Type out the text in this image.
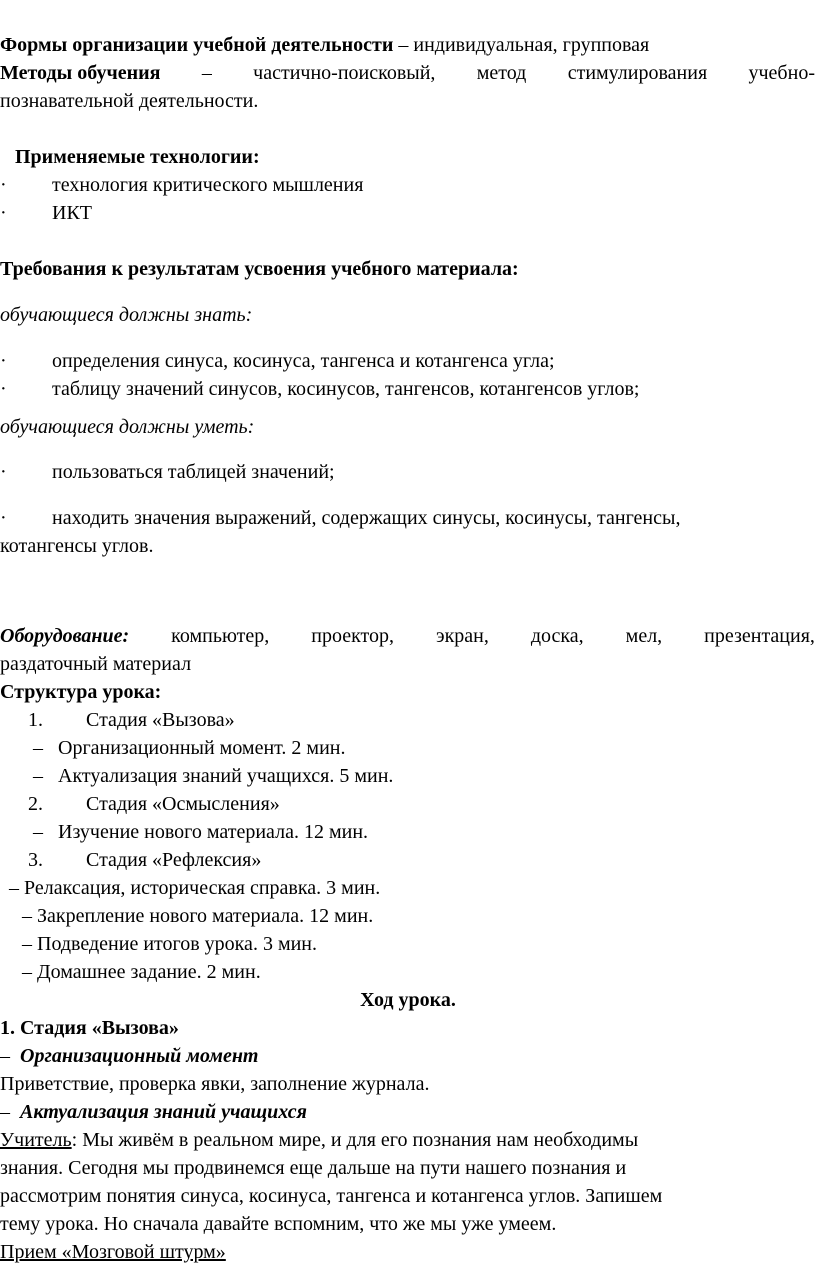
Формы организации учебной деятельности – индивидуальная, групповая
Методы обучения – частично-поисковый, метод стимулирования учебно-
познавательной деятельности.
Применяемые технологии:
· технология критического мышления
· ИКТ
Требования к результатам усвоения учебного материала:
обучающиеся должны знать:
· определения синуса, косинуса, тангенса и котангенса угла;
· таблицу значений синусов, косинусов, тангенсов, котангенсов углов;
обучающиеся должны уметь:
· пользоваться таблицей значений;
· находить значения выражений, содержащих синусы, косинусы, тангенсы,
котангенсы углов.
Оборудование: компьютер, проектор, экран, доска, мел, презентация,
раздаточный материал
Структура урока:
1. Стадия «Вызова»
– Организационный момент. 2 мин.
– Актуализация знаний учащихся. 5 мин.
2. Стадия «Осмысления»
– Изучение нового материала. 12 мин.
3. Стадия «Рефлексия»
– Релаксация, историческая справка. 3 мин.
– Закрепление нового материала. 12 мин.
– Подведение итогов урока. 3 мин.
– Домашнее задание. 2 мин.
Ход урока.
1. Стадия «Вызова»
– Организационный момент
Приветствие, проверка явки, заполнение журнала.
– Актуализация знаний учащихся
Учитель: Мы живём в реальном мире, и для его познания нам необходимы
знания. Сегодня мы продвинемся еще дальше на пути нашего познания и
рассмотрим понятия синуса, косинуса, тангенса и котангенса углов. Запишем
тему урока. Но сначала давайте вспомним, что же мы уже умеем.
Прием «Мозговой штурм»
